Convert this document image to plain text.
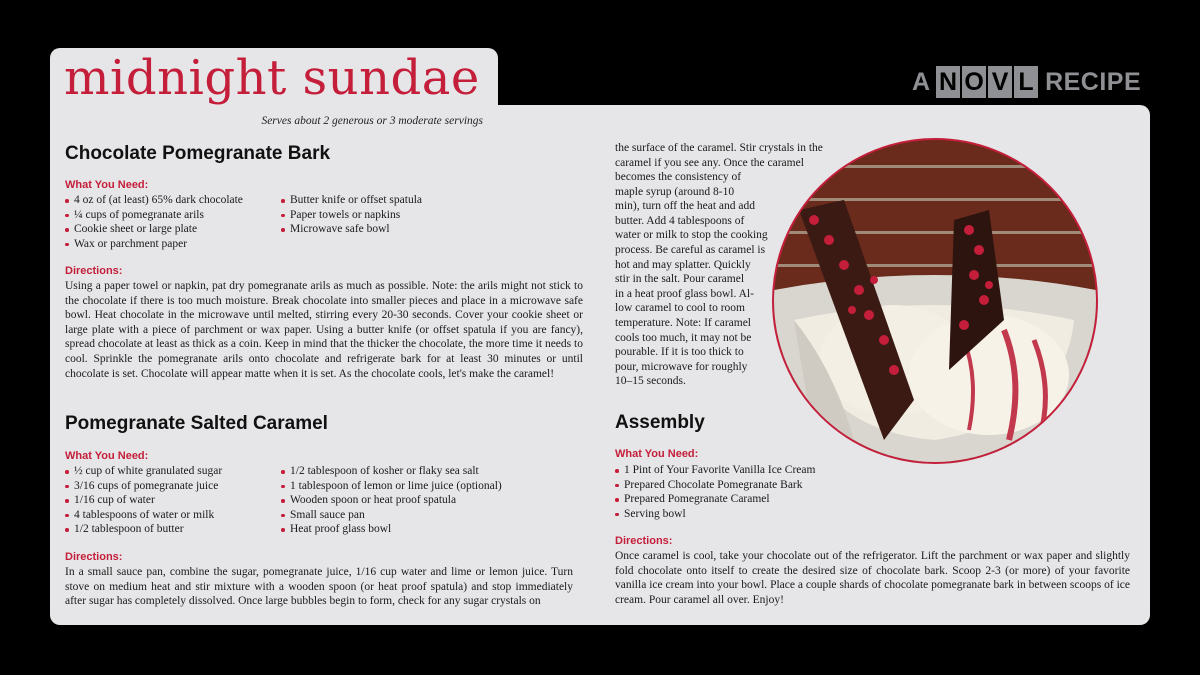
midnight sundae
Serves about 2 generous or 3 moderate servings
A N O V L RECIPE
Chocolate Pomegranate Bark
What You Need:
4 oz of (at least) 65% dark chocolate
¼ cups of pomegranate arils
Cookie sheet or large plate
Wax or parchment paper
Butter knife or offset spatula
Paper towels or napkins
Microwave safe bowl
Directions:

Using a paper towel or napkin, pat dry pomegranate arils as much as possible. Note: the arils might not stick to the chocolate if there is too much moisture. Break chocolate into smaller pieces and place in a microwave safe bowl. Heat chocolate in the microwave until melted, stirring every 20-30 seconds. Cover your cookie sheet or large plate with a piece of parchment or wax paper. Using a butter knife (or offset spatula if you are fancy), spread chocolate at least as thick as a coin. Keep in mind that the thicker the chocolate, the more time it needs to cool. Sprinkle the pomegranate arils onto chocolate and refrigerate bark for at least 30 minutes or until chocolate is set. Chocolate will appear matte when it is set. As the chocolate cools, let's make the caramel!

Pomegranate Salted Caramel
What You Need:
½ cup of white granulated sugar
3/16 cups of pomegranate juice
1/16 cup of water
4 tablespoons of water or milk
1/2 tablespoon of butter
1/2 tablespoon of kosher or flaky sea salt
1 tablespoon of lemon or lime juice (optional)
Wooden spoon or heat proof spatula
Small sauce pan
Heat proof glass bowl
Directions:

In a small sauce pan, combine the sugar, pomegranate juice, 1/16 cup water and lime or lemon juice. Turn stove on medium heat and stir mixture with a wooden spoon (or heat proof spatula) and stop immediately after sugar has completely dissolved. Once large bubbles begin to form, check for any sugar crystals on

the surface of the caramel. Stir crystals in the caramel if you see any. Once the caramel

becomes the consistency of
maple syrup (around 8-10
min), turn off the heat and add
butter. Add 4 tablespoons of
water or milk to stop the cooking
process. Be careful as caramel is
hot and may splatter. Quickly
stir in the salt. Pour caramel
in a heat proof glass bowl. Al-
low caramel to cool to room
temperature. Note: If caramel
cools too much, it may not be
pourable. If it is too thick to
pour, microwave for roughly
10–15 seconds.
Assembly
What You Need:
1 Pint of Your Favorite Vanilla Ice Cream
Prepared Chocolate Pomegranate Bark
Prepared Pomegranate Caramel
Serving bowl
Directions:

Once caramel is cool, take your chocolate out of the refrigerator. Lift the parchment or wax paper and slightly fold chocolate onto itself to create the desired size of chocolate bark. Scoop 2-3 (or more) of your favorite vanilla ice cream into your bowl. Place a couple shards of chocolate pomegranate bark in between scoops of ice cream. Pour caramel all over. Enjoy!
